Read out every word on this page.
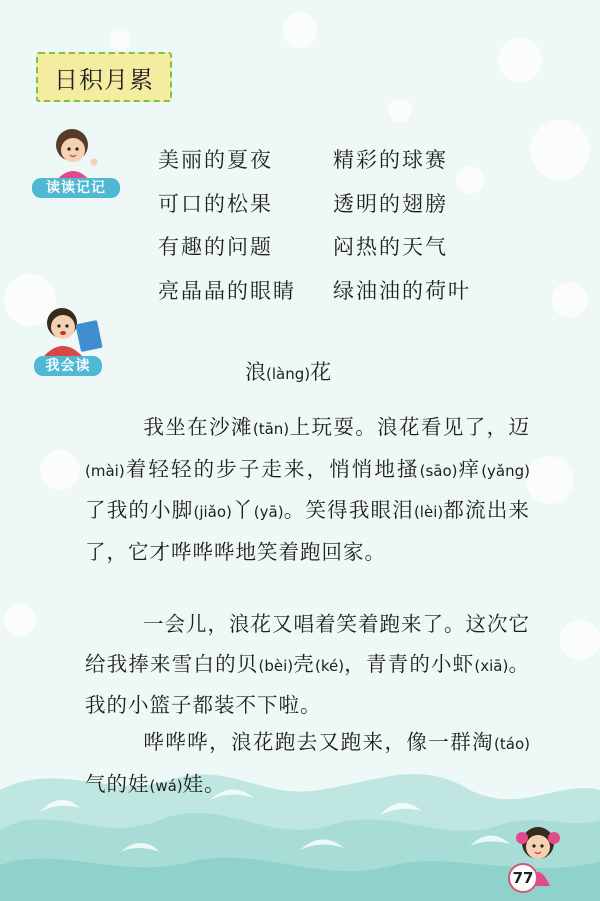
日积月累
读读记记
我会读
美丽的夏夜	精彩的球赛
可口的松果	透明的翅膀
有趣的问题	闷热的天气
亮晶晶的眼睛	绿油油的荷叶
浪(làng)花

我坐在沙滩(tān)上玩耍。浪花看见了，迈(mài)着轻轻的步子走来，悄悄地搔(sāo)痒(yǎng)了我的小脚(jiǎo)丫(yā)。笑得我眼泪(lèi)都流出来了，它才哗哗哗地笑着跑回家。

一会儿，浪花又唱着笑着跑来了。这次它给我捧来雪白的贝(bèi)壳(ké)，青青的小虾(xiā)。我的小篮子都装不下啦。

哗哗哗，浪花跑去又跑来，像一群淘(táo)气的娃(wá)娃。

77
